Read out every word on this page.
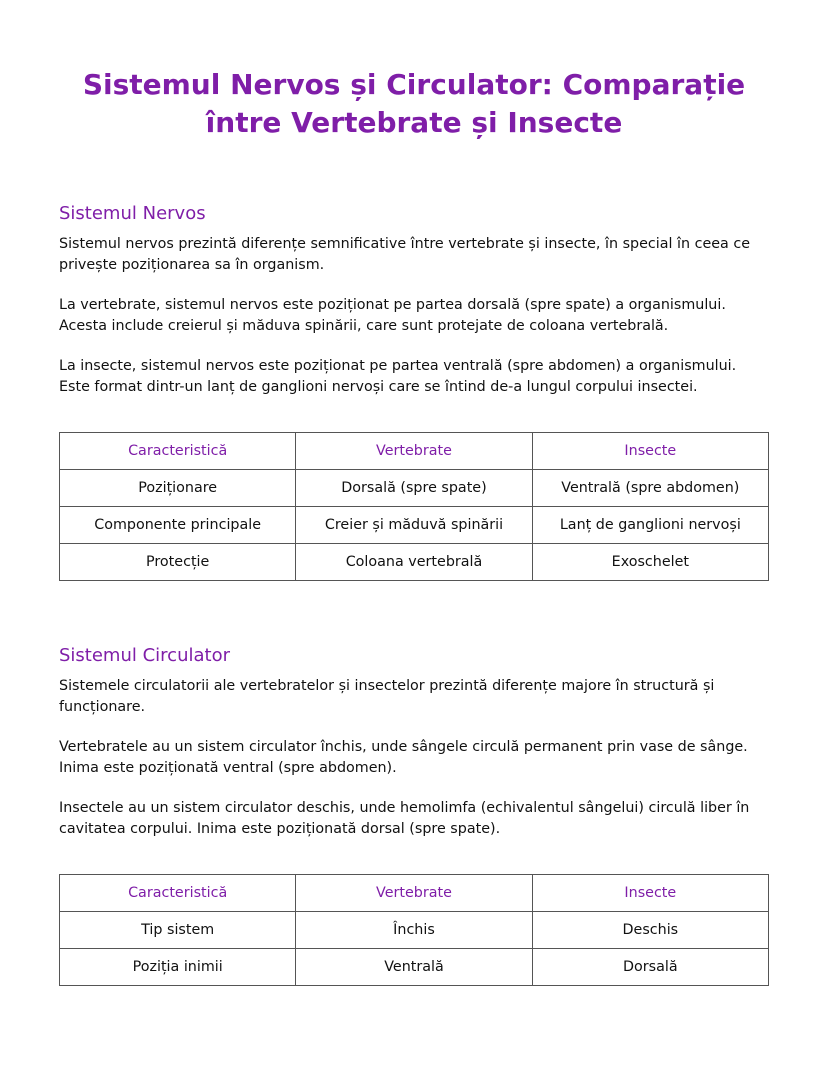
Sistemul Nervos și Circulator: Comparație între Vertebrate și Insecte
Sistemul Nervos

Sistemul nervos prezintă diferențe semnificative între vertebrate și insecte, în special în ceea ce privește poziționarea sa în organism.

La vertebrate, sistemul nervos este poziționat pe partea dorsală (spre spate) a organismului. Acesta include creierul și măduva spinării, care sunt protejate de coloana vertebrală.

La insecte, sistemul nervos este poziționat pe partea ventrală (spre abdomen) a organismului. Este format dintr-un lanț de ganglioni nervoși care se întind de-a lungul corpului insectei.

Caracteristică	Vertebrate	Insecte
Poziționare	Dorsală (spre spate)	Ventrală (spre abdomen)
Componente principale	Creier și măduvă spinării	Lanț de ganglioni nervoși
Protecție	Coloana vertebrală	Exoschelet
Sistemul Circulator

Sistemele circulatorii ale vertebratelor și insectelor prezintă diferențe majore în structură și funcționare.

Vertebratele au un sistem circulator închis, unde sângele circulă permanent prin vase de sânge. Inima este poziționată ventral (spre abdomen).

Insectele au un sistem circulator deschis, unde hemolimfa (echivalentul sângelui) circulă liber în cavitatea corpului. Inima este poziționată dorsal (spre spate).

Caracteristică	Vertebrate	Insecte
Tip sistem	Închis	Deschis
Poziția inimii	Ventrală	Dorsală
